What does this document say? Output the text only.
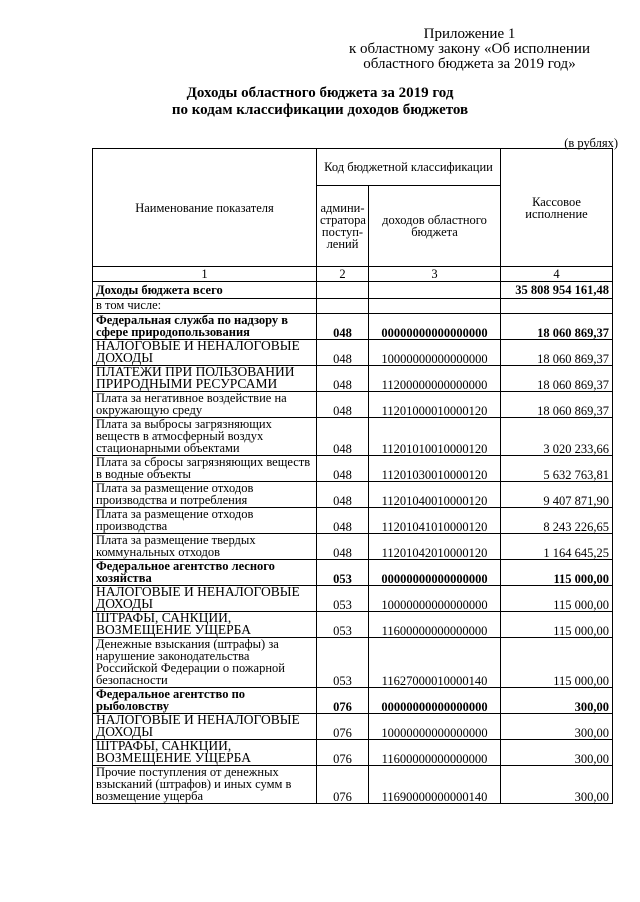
Приложение 1
к областному закону «Об исполнении
областного бюджета за 2019 год»
Доходы областного бюджета за 2019 год
по кодам классификации доходов бюджетов
(в рублях)
Наименование показателя	Код бюджетной классификации		Кассовое исполнение
	админи-стратора поступ-лений	доходов областного бюджета	
1	2	3	4
Доходы бюджета всего			35 808 954 161,48
в том числе:			
Федеральная служба по надзору в сфере природопользования	048	00000000000000000	18 060 869,37
НАЛОГОВЫЕ И НЕНАЛОГОВЫЕ ДОХОДЫ	048	10000000000000000	18 060 869,37
ПЛАТЕЖИ ПРИ ПОЛЬЗОВАНИИ ПРИРОДНЫМИ РЕСУРСАМИ	048	11200000000000000	18 060 869,37
Плата за негативное воздействие на окружающую среду	048	11201000010000120	18 060 869,37
Плата за выбросы загрязняющих веществ в атмосферный воздух стационарными объектами	048	11201010010000120	3 020 233,66
Плата за сбросы загрязняющих веществ в водные объекты	048	11201030010000120	5 632 763,81
Плата за размещение отходов производства и потребления	048	11201040010000120	9 407 871,90
Плата за размещение отходов производства	048	11201041010000120	8 243 226,65
Плата за размещение твердых коммунальных отходов	048	11201042010000120	1 164 645,25
Федеральное агентство лесного хозяйства	053	00000000000000000	115 000,00
НАЛОГОВЫЕ И НЕНАЛОГОВЫЕ ДОХОДЫ	053	10000000000000000	115 000,00
ШТРАФЫ, САНКЦИИ, ВОЗМЕЩЕНИЕ УЩЕРБА	053	11600000000000000	115 000,00
Денежные взыскания (штрафы) за нарушение законодательства Российской Федерации о пожарной безопасности	053	11627000010000140	115 000,00
Федеральное агентство по рыболовству	076	00000000000000000	300,00
НАЛОГОВЫЕ И НЕНАЛОГОВЫЕ ДОХОДЫ	076	10000000000000000	300,00
ШТРАФЫ, САНКЦИИ, ВОЗМЕЩЕНИЕ УЩЕРБА	076	11600000000000000	300,00
Прочие поступления от денежных взысканий (штрафов) и иных сумм в возмещение ущерба	076	11690000000000140	300,00
